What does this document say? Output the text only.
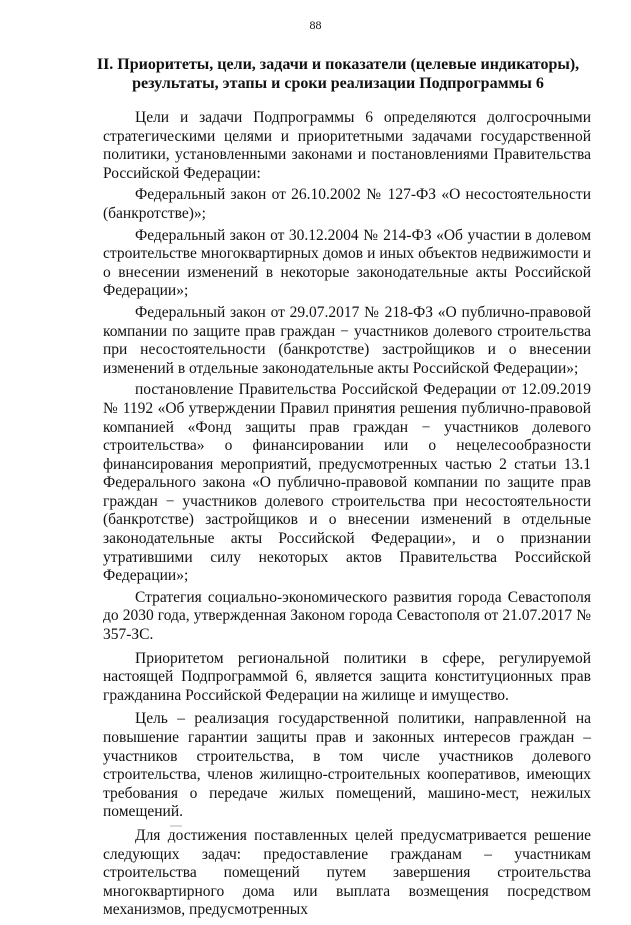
88
II. Приоритеты, цели, задачи и показатели (целевые индикаторы), результаты, этапы и сроки реализации Подпрограммы 6

Цели и задачи Подпрограммы 6 определяются долгосрочными стратегическими целями и приоритетными задачами государственной политики, установленными законами и постановлениями Правительства Российской Федерации:

Федеральный закон от 26.10.2002 № 127-ФЗ «О несостоятельности (банкротстве)»;

Федеральный закон от 30.12.2004 № 214-ФЗ «Об участии в долевом строительстве многоквартирных домов и иных объектов недвижимости и о внесении изменений в некоторые законодательные акты Российской Федерации»;

Федеральный закон от 29.07.2017 № 218-ФЗ «О публично-правовой компании по защите прав граждан − участников долевого строительства при несостоятельности (банкротстве) застройщиков и о внесении изменений в отдельные законодательные акты Российской Федерации»;

постановление Правительства Российской Федерации от 12.09.2019 № 1192 «Об утверждении Правил принятия решения публично-правовой компанией «Фонд защиты прав граждан − участников долевого строительства» о финансировании или о нецелесообразности финансирования мероприятий, предусмотренных частью 2 статьи 13.1 Федерального закона «О публично-правовой компании по защите прав граждан − участников долевого строительства при несостоятельности (банкротстве) застройщиков и о внесении изменений в отдельные законодательные акты Российской Федерации», и о признании утратившими силу некоторых актов Правительства Российской Федерации»;

Стратегия социально-экономического развития города Севастополя до 2030 года, утвержденная Законом города Севастополя от 21.07.2017 № 357-ЗС.

Приоритетом региональной политики в сфере, регулируемой настоящей Подпрограммой 6, является защита конституционных прав гражданина Российской Федерации на жилище и имущество.

Цель – реализация государственной политики, направленной на повышение гарантии защиты прав и законных интересов граждан – участников строительства, в том числе участников долевого строительства, членов жилищно-строительных кооперативов, имеющих требования о передаче жилых помещений, машино-мест, нежилых помещений.

Для достижения поставленных целей предусматривается решение следующих задач: предоставление гражданам – участникам строительства помещений путем завершения строительства многоквартирного дома или выплата возмещения посредством механизмов, предусмотренных
